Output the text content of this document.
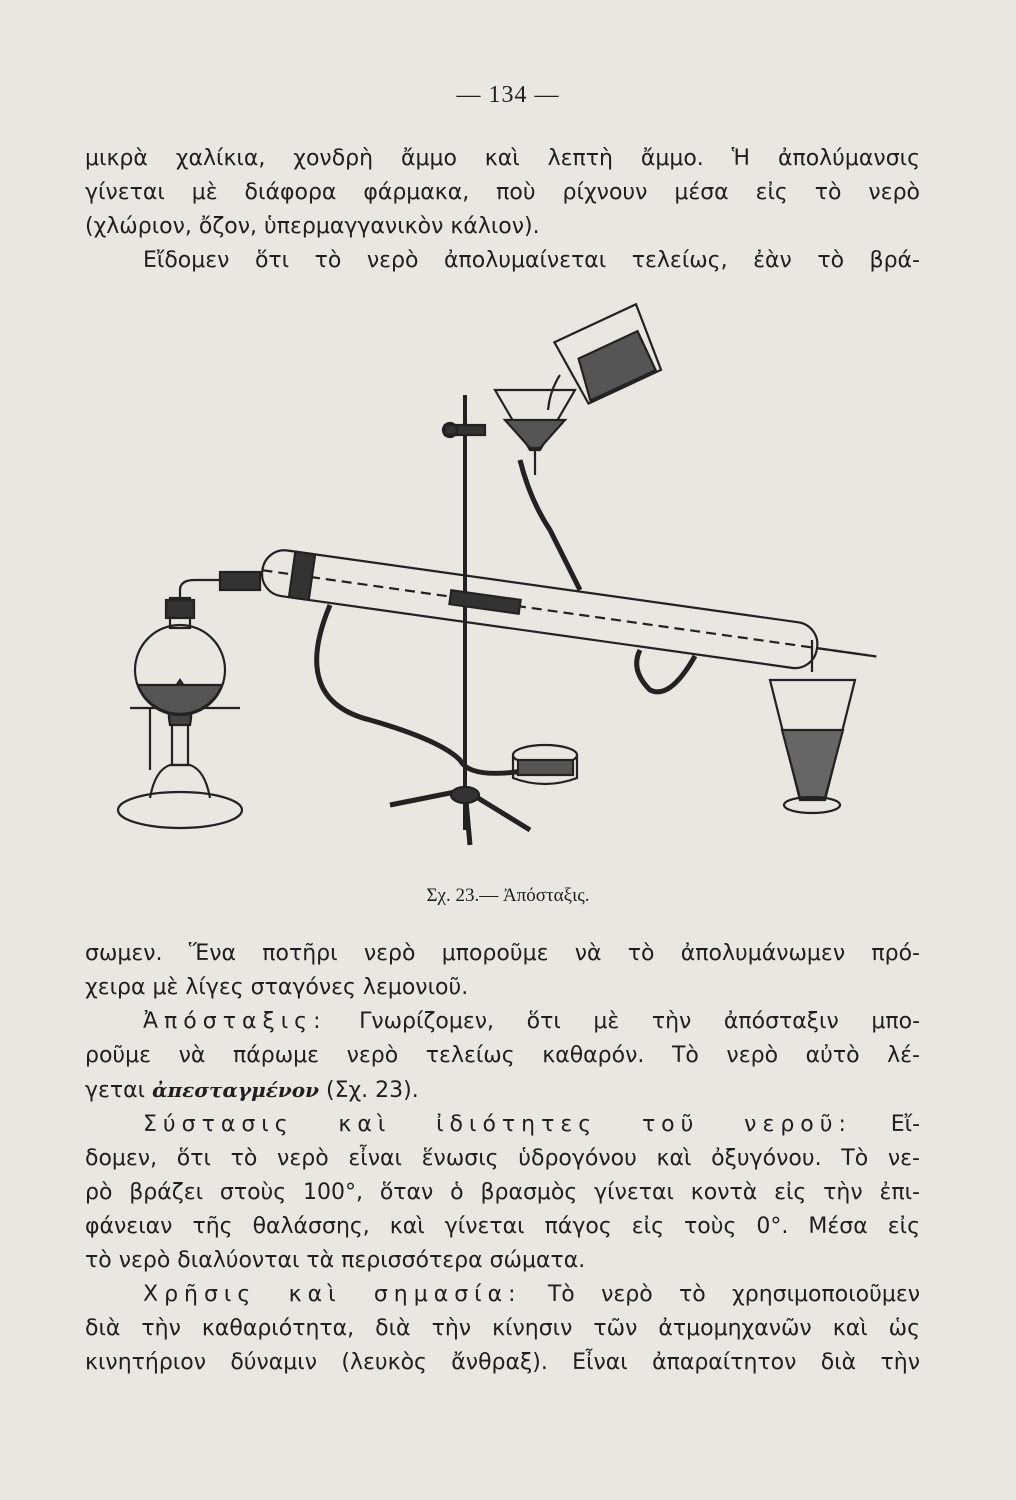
— 134 —
μικρὰ χαλίκια, χονδρὴ ἄμμο καὶ λεπτὴ ἄμμο. Ἡ ἀπολύμανσις
γίνεται μὲ διάφορα φάρμακα, ποὺ ρίχνουν μέσα εἰς τὸ νερὸ
(χλώριον, ὄζον, ὑπερμαγγανικὸν κάλιον).
Εἴδομεν ὅτι τὸ νερὸ ἀπολυμαίνεται τελείως, ἐὰν τὸ βρά-
Σχ. 23.— Ἀπόσταξις.
σωμεν. Ἕνα ποτῆρι νερὸ μποροῦμε νὰ τὸ ἀπολυμάνωμεν πρό-
χειρα μὲ λίγες σταγόνες λεμονιοῦ.
Ἀπόσταξις: Γνωρίζομεν, ὅτι μὲ τὴν ἀπόσταξιν μπο-
ροῦμε νὰ πάρωμε νερὸ τελείως καθαρόν. Τὸ νερὸ αὐτὸ λέ-
γεται ἀπεσταγμένον (Σχ. 23).
Σύστασις καὶ ἰδιότητες τοῦ νεροῦ: Εἴ-
δομεν, ὅτι τὸ νερὸ εἶναι ἕνωσις ὑδρογόνου καὶ ὀξυγόνου. Τὸ νε-
ρὸ βράζει στοὺς 100°, ὅταν ὁ βρασμὸς γίνεται κοντὰ εἰς τὴν ἐπι-
φάνειαν τῆς θαλάσσης, καὶ γίνεται πάγος εἰς τοὺς 0°. Μέσα εἰς
τὸ νερὸ διαλύονται τὰ περισσότερα σώματα.
Χρῆσις καὶ σημασία: Τὸ νερὸ τὸ χρησιμοποιοῦμεν
διὰ τὴν καθαριότητα, διὰ τὴν κίνησιν τῶν ἀτμομηχανῶν καὶ ὡς
κινητήριον δύναμιν (λευκὸς ἄνθραξ). Εἶναι ἀπαραίτητον διὰ τὴν
